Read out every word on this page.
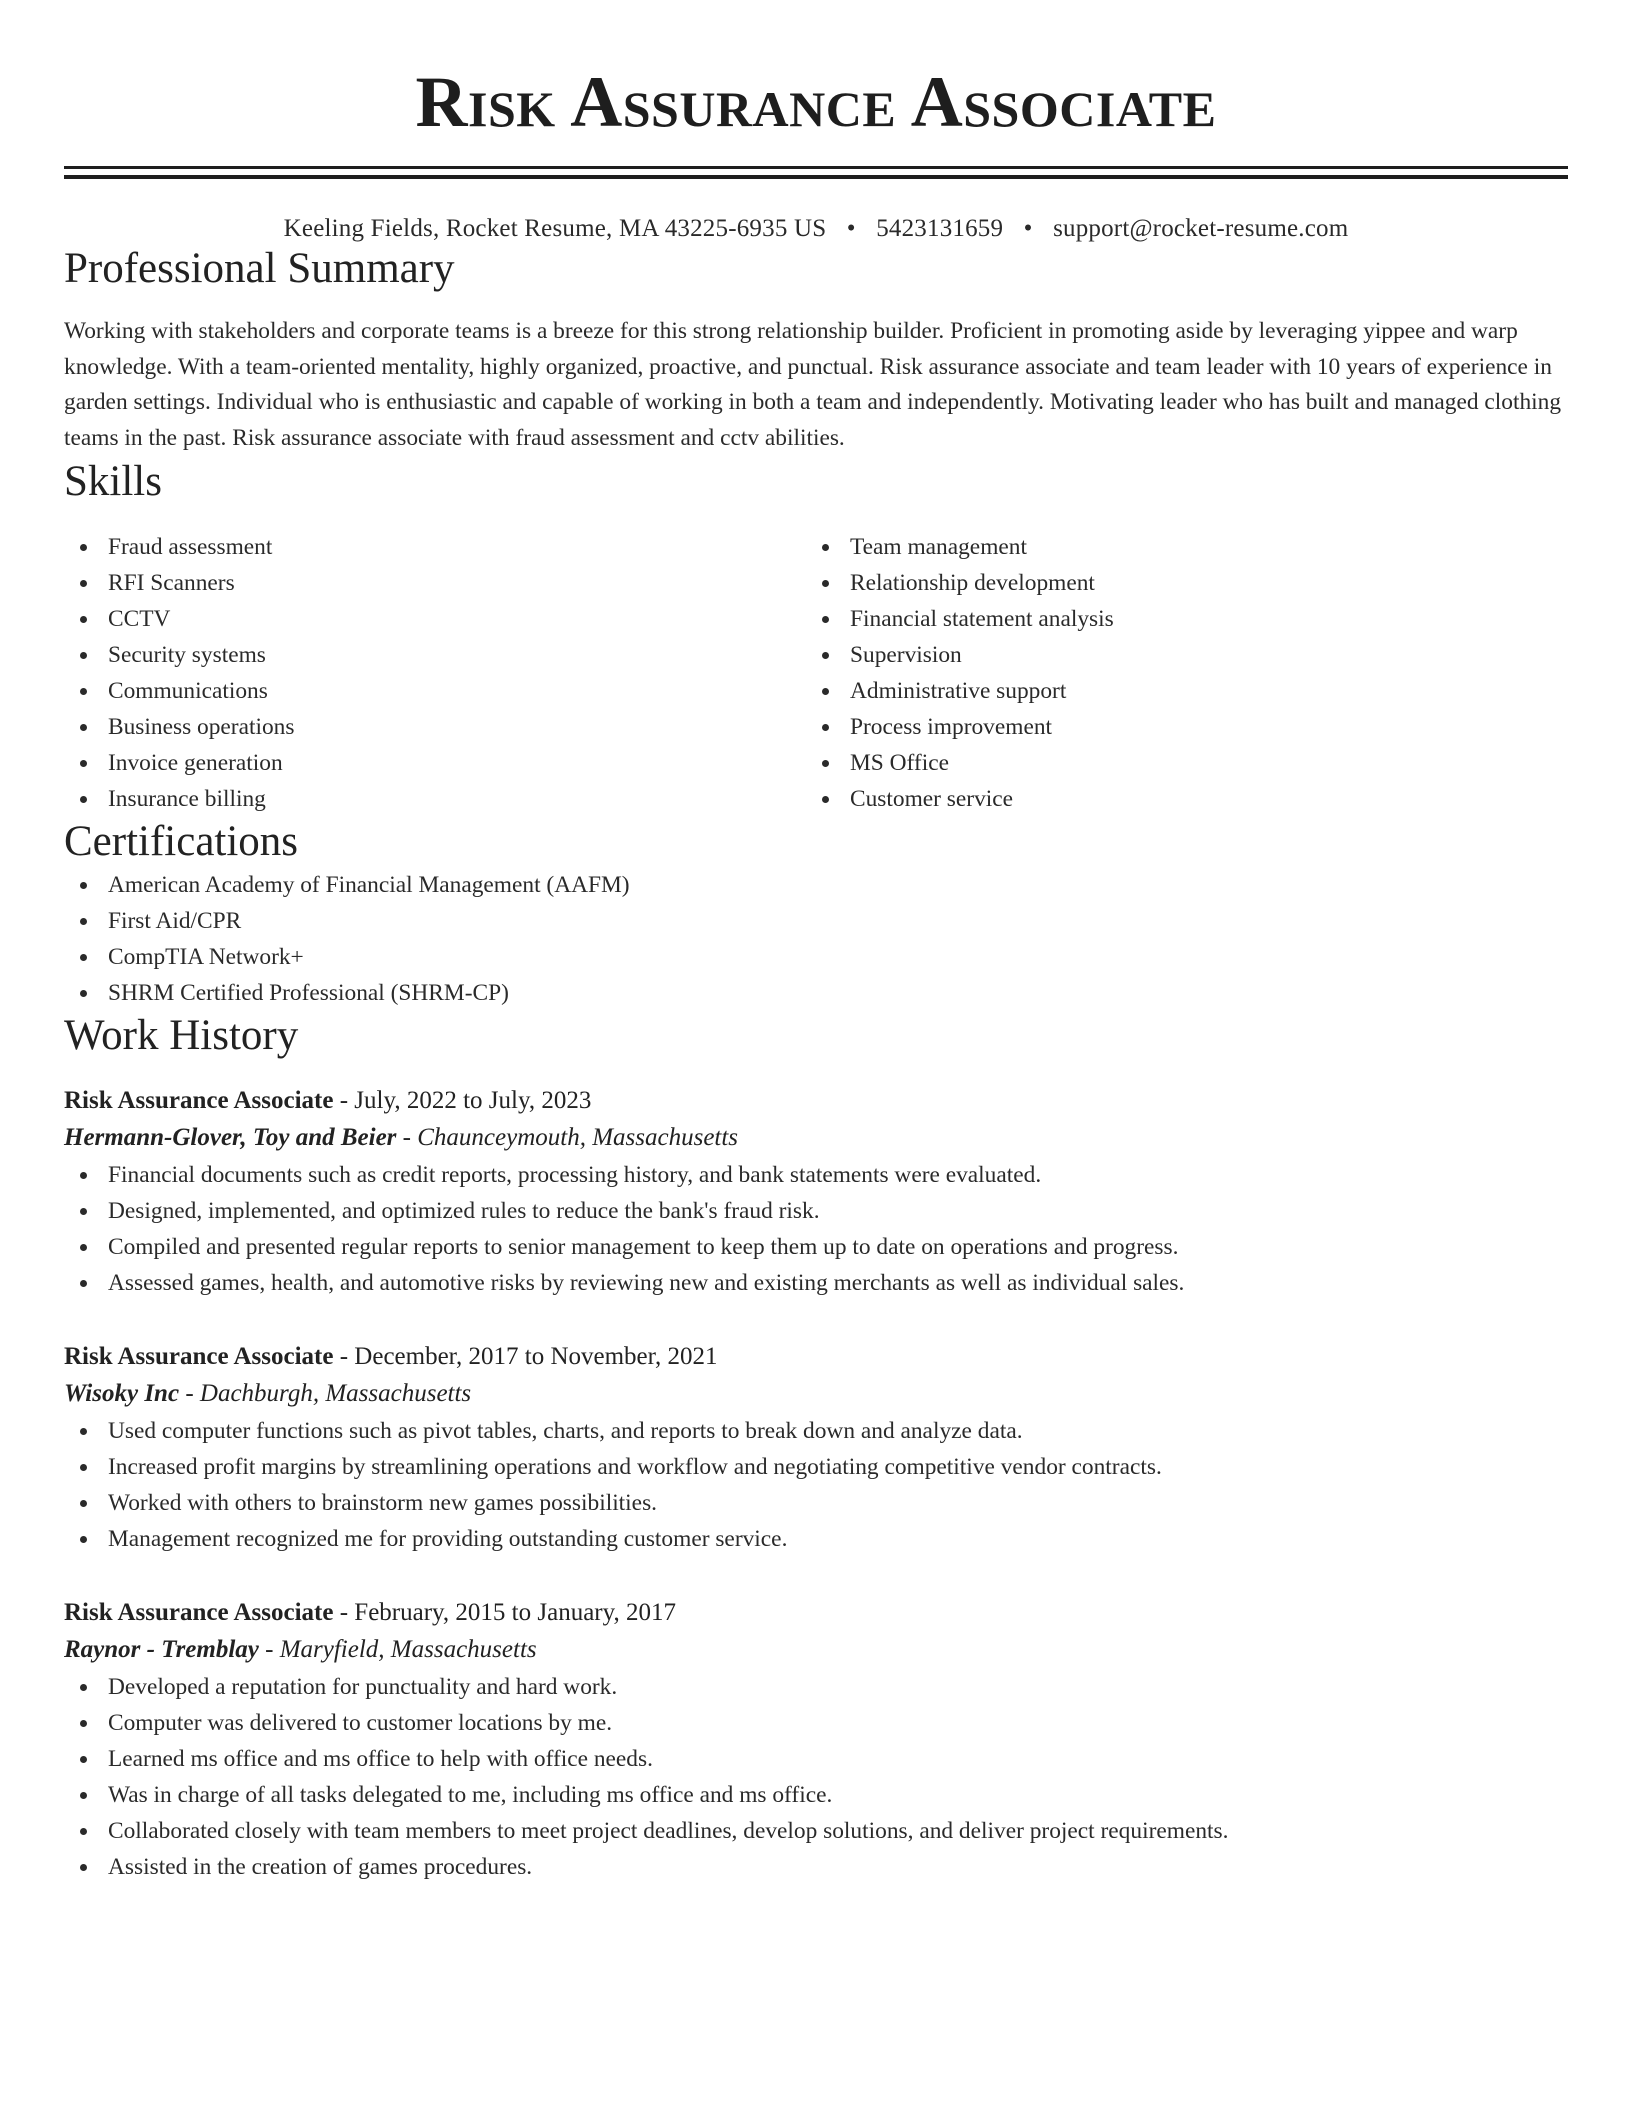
Risk Assurance Associate
Keeling Fields, Rocket Resume, MA 43225-6935 US • 5423131659 • support@rocket-resume.com
Professional Summary

Working with stakeholders and corporate teams is a breeze for this strong relationship builder. Proficient in promoting aside by leveraging yippee and warp knowledge. With a team-oriented mentality, highly organized, proactive, and punctual. Risk assurance associate and team leader with 10 years of experience in garden settings. Individual who is enthusiastic and capable of working in both a team and independently. Motivating leader who has built and managed clothing teams in the past. Risk assurance associate with fraud assessment and cctv abilities.

Skills
Fraud assessment
RFI Scanners
CCTV
Security systems
Communications
Business operations
Invoice generation
Insurance billing
Team management
Relationship development
Financial statement analysis
Supervision
Administrative support
Process improvement
MS Office
Customer service
Certifications
American Academy of Financial Management (AAFM)
First Aid/CPR
CompTIA Network+
SHRM Certified Professional (SHRM-CP)
Work History
Risk Assurance Associate - July, 2022 to July, 2023
Hermann-Glover, Toy and Beier - Chaunceymouth, Massachusetts
Financial documents such as credit reports, processing history, and bank statements were evaluated.
Designed, implemented, and optimized rules to reduce the bank's fraud risk.
Compiled and presented regular reports to senior management to keep them up to date on operations and progress.
Assessed games, health, and automotive risks by reviewing new and existing merchants as well as individual sales.
Risk Assurance Associate - December, 2017 to November, 2021
Wisoky Inc - Dachburgh, Massachusetts
Used computer functions such as pivot tables, charts, and reports to break down and analyze data.
Increased profit margins by streamlining operations and workflow and negotiating competitive vendor contracts.
Worked with others to brainstorm new games possibilities.
Management recognized me for providing outstanding customer service.
Risk Assurance Associate - February, 2015 to January, 2017
Raynor - Tremblay - Maryfield, Massachusetts
Developed a reputation for punctuality and hard work.
Computer was delivered to customer locations by me.
Learned ms office and ms office to help with office needs.
Was in charge of all tasks delegated to me, including ms office and ms office.
Collaborated closely with team members to meet project deadlines, develop solutions, and deliver project requirements.
Assisted in the creation of games procedures.
